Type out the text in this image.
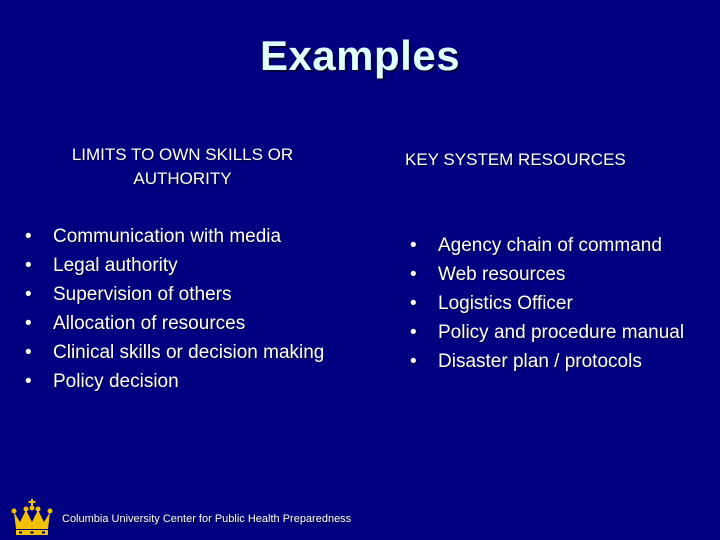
Examples
LIMITS TO OWN SKILLS OR AUTHORITY
KEY SYSTEM RESOURCES
• Communication with media
• Legal authority
• Supervision of others
• Allocation of resources
• Clinical skills or decision making
• Policy decision
• Agency chain of command
• Web resources
• Logistics Officer
• Policy and procedure manual
• Disaster plan / protocols
Columbia University Center for Public Health Preparedness
